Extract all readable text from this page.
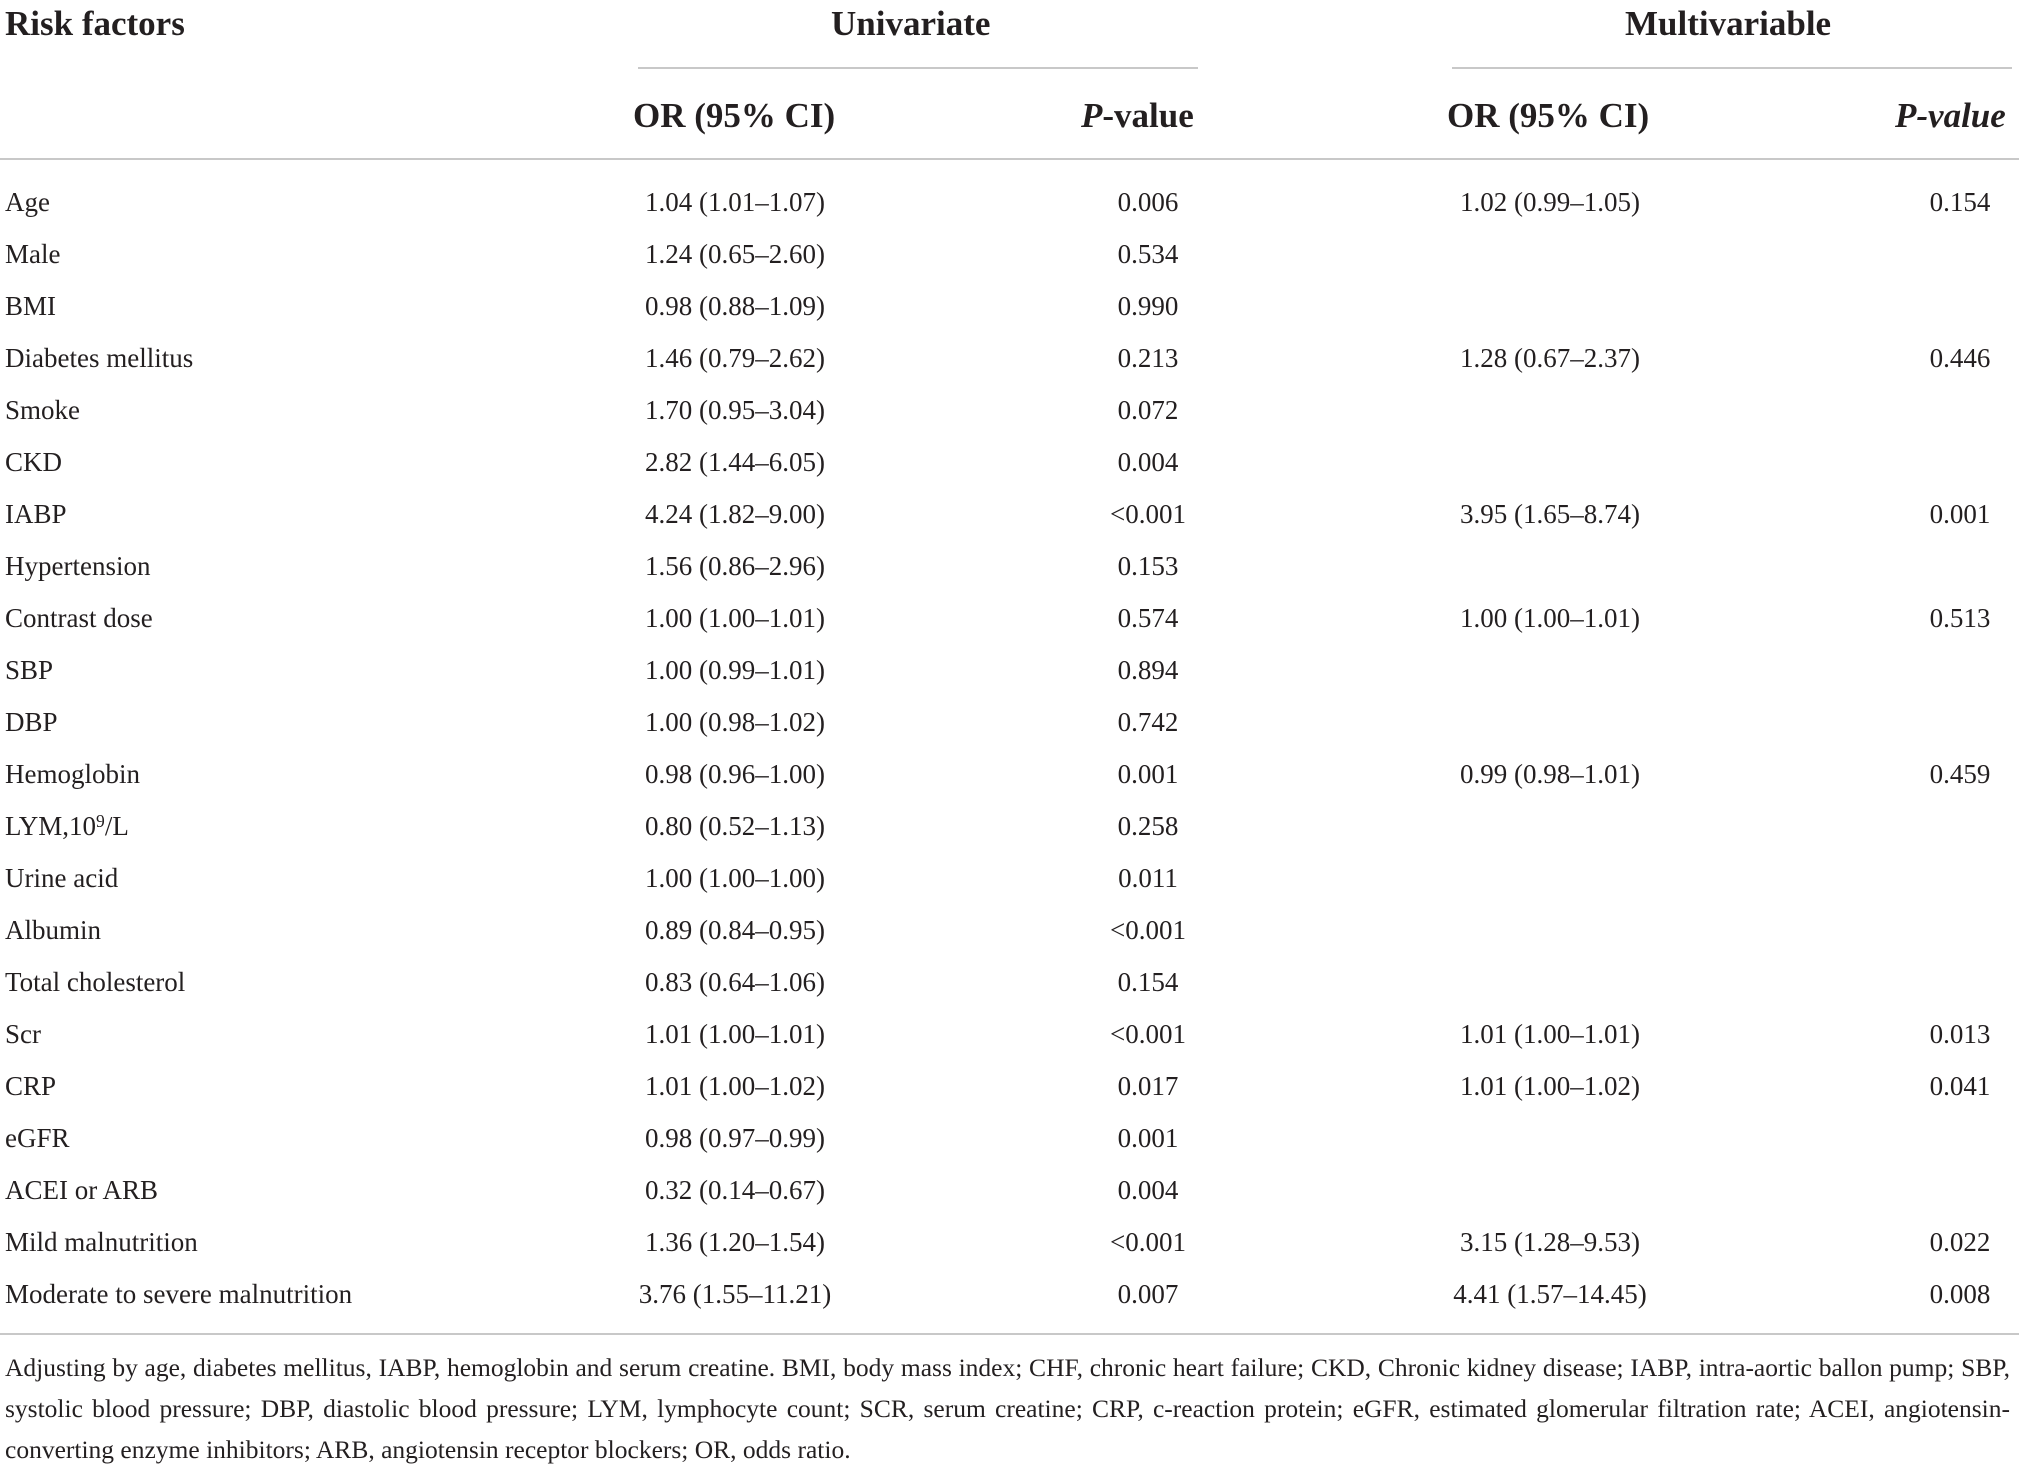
Risk factors	Univariate	Multivariable
OR (95% CI)	P-value	OR (95% CI)	P-value
Age	1.04 (1.01–1.07)	0.006	1.02 (0.99–1.05)	0.154
Male	1.24 (0.65–2.60)	0.534
BMI	0.98 (0.88–1.09)	0.990
Diabetes mellitus	1.46 (0.79–2.62)	0.213	1.28 (0.67–2.37)	0.446
Smoke	1.70 (0.95–3.04)	0.072
CKD	2.82 (1.44–6.05)	0.004
IABP	4.24 (1.82–9.00)	<0.001	3.95 (1.65–8.74)	0.001
Hypertension	1.56 (0.86–2.96)	0.153
Contrast dose	1.00 (1.00–1.01)	0.574	1.00 (1.00–1.01)	0.513
SBP	1.00 (0.99–1.01)	0.894
DBP	1.00 (0.98–1.02)	0.742
Hemoglobin	0.98 (0.96–1.00)	0.001	0.99 (0.98–1.01)	0.459
$LYM,10^9/L$	0.80 (0.52–1.13)	0.258
Urine acid	1.00 (1.00–1.00)	0.011
Albumin	0.89 (0.84–0.95)	<0.001
Total cholesterol	0.83 (0.64–1.06)	0.154
Scr	1.01 (1.00–1.01)	<0.001	1.01 (1.00–1.01)	0.013
CRP	1.01 (1.00–1.02)	0.017	1.01 (1.00–1.02)	0.041
eGFR	0.98 (0.97–0.99)	0.001
ACEI or ARB	0.32 (0.14–0.67)	0.004
Mild malnutrition	1.36 (1.20–1.54)	<0.001	3.15 (1.28–9.53)	0.022
Moderate to severe malnutrition	3.76 (1.55–11.21)	0.007	4.41 (1.57–14.45)	0.008
Adjusting by age, diabetes mellitus, IABP, hemoglobin and serum creatine. BMI, body mass index; CHF, chronic heart failure; CKD, Chronic kidney disease; IABP, intra-aortic ballon pump; SBP, systolic blood pressure; DBP, diastolic blood pressure; LYM, lymphocyte count; SCR, serum creatine; CRP, c-reaction protein; eGFR, estimated glomerular filtration rate; ACEI, angiotensin-converting enzyme inhibitors; ARB, angiotensin receptor blockers; OR, odds ratio.
